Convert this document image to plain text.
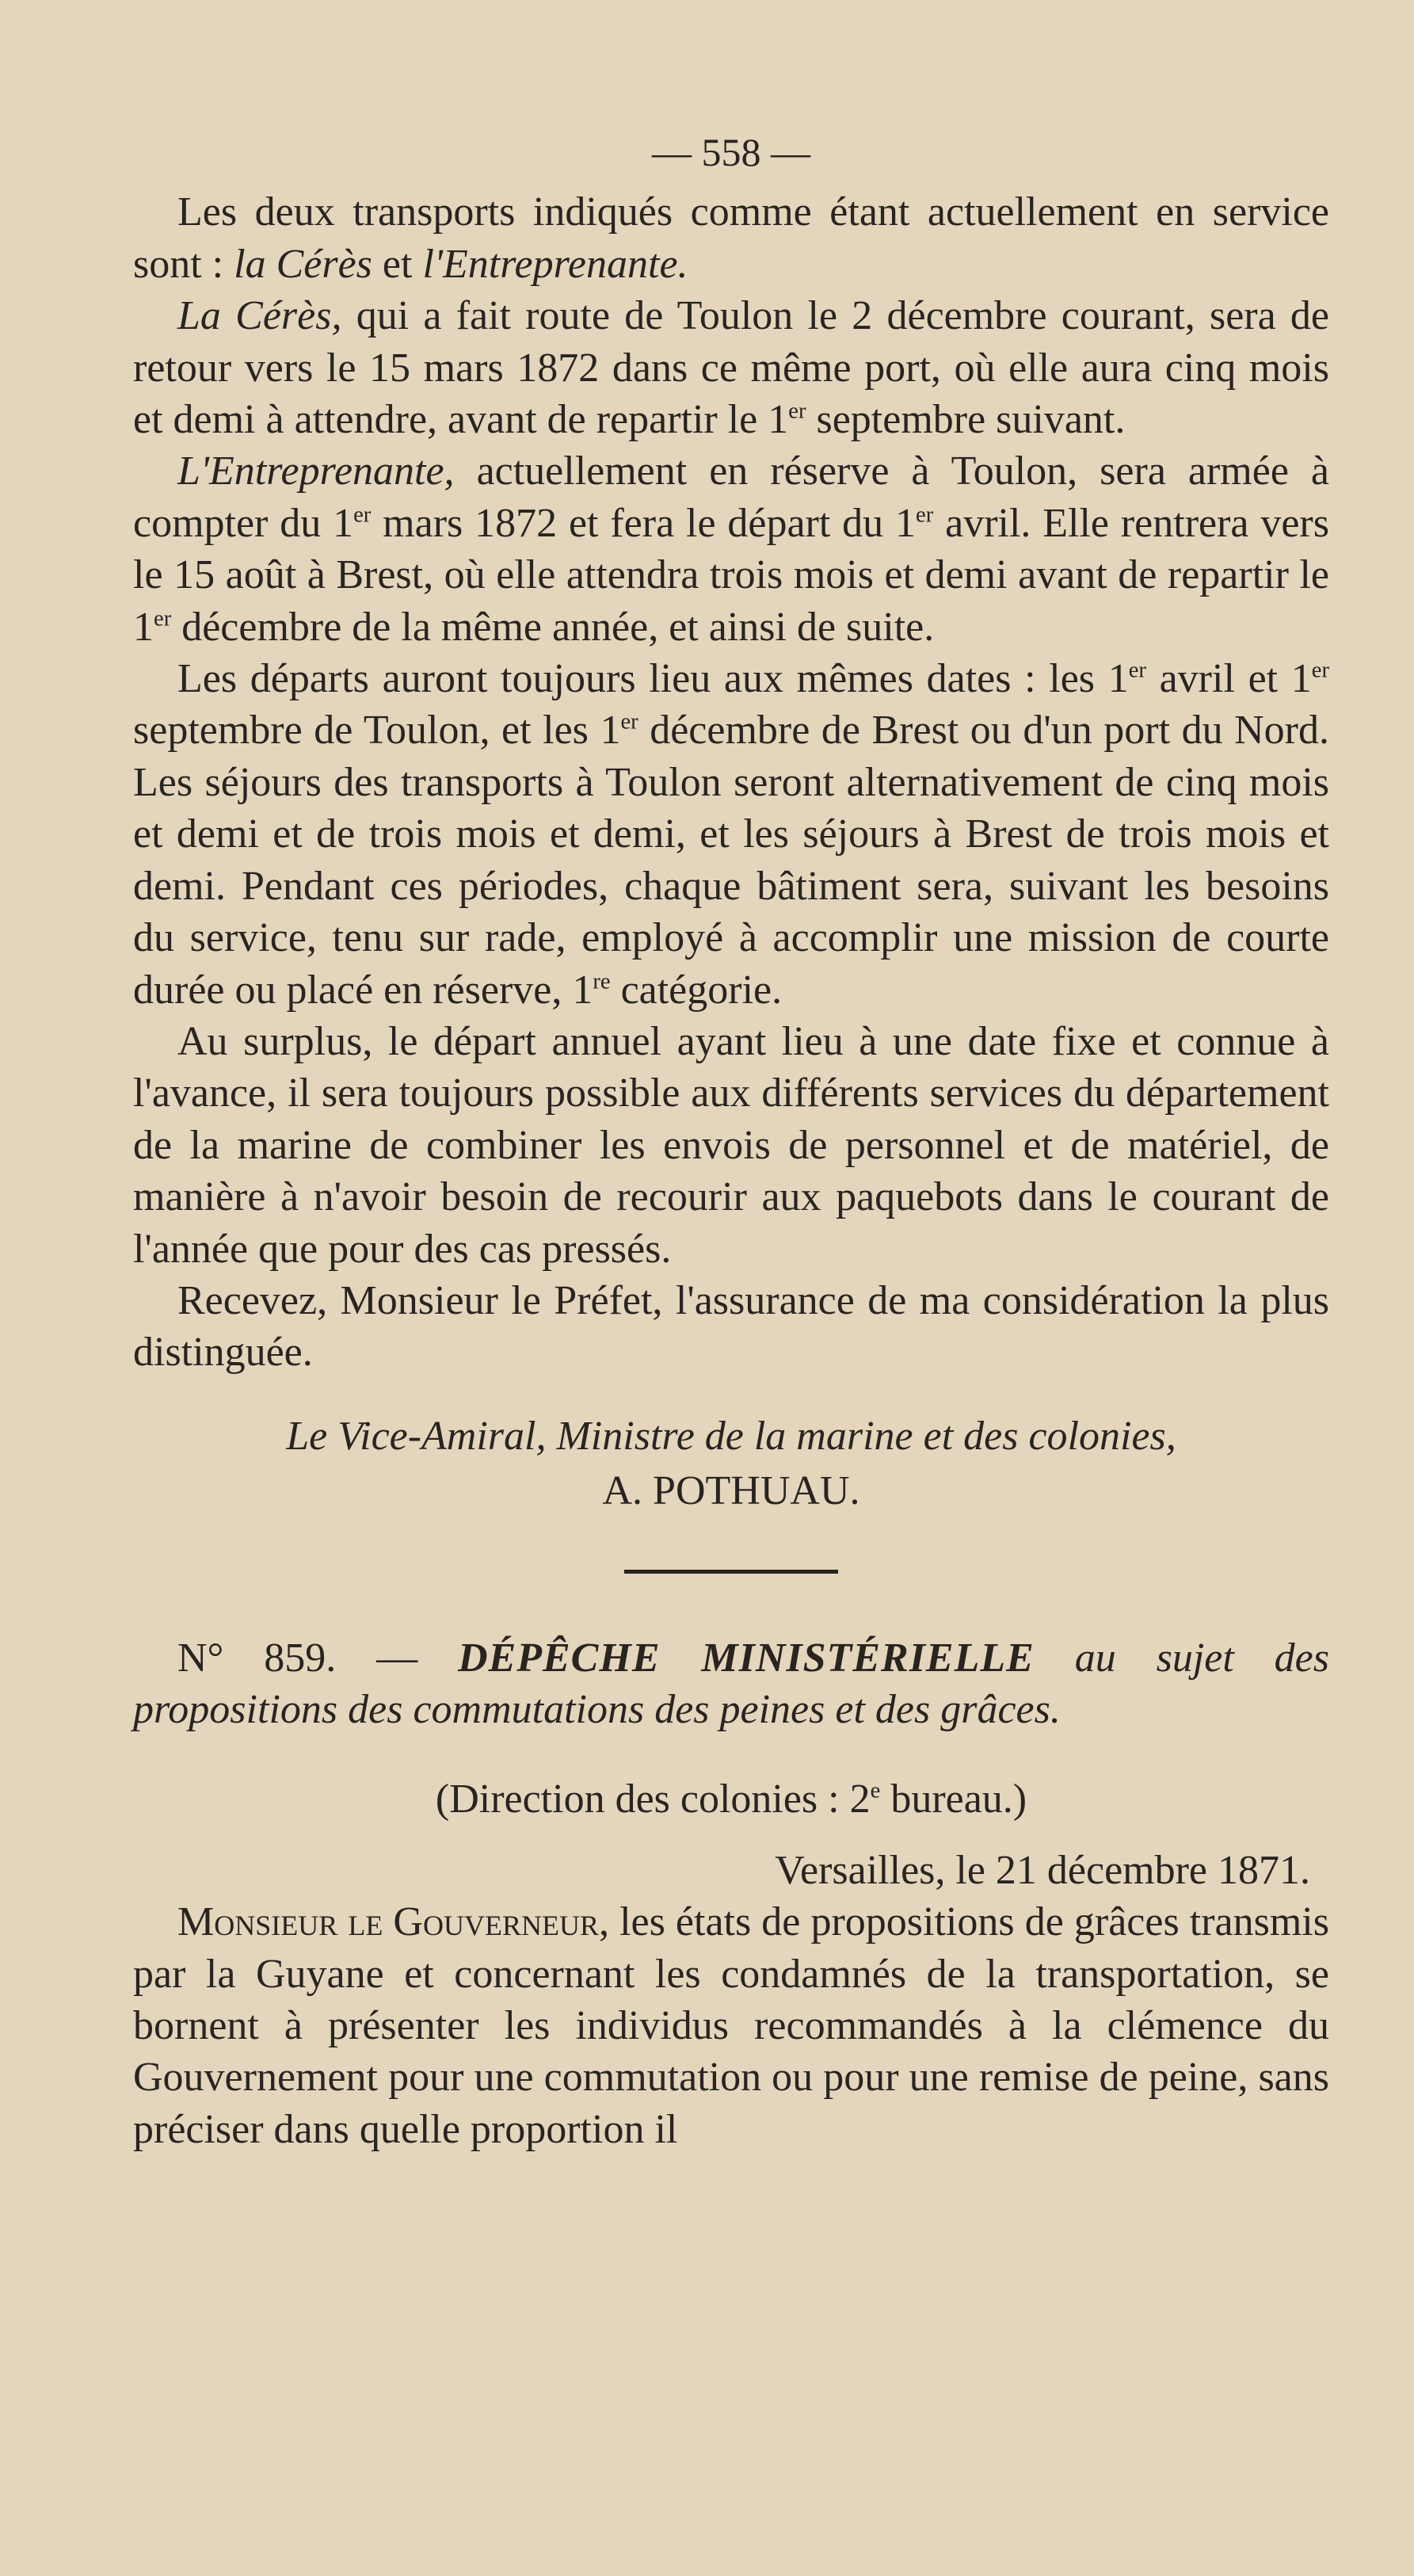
— 558 —

Les deux transports indiqués comme étant actuellement en service sont : la Cérès et l'Entreprenante.

La Cérès, qui a fait route de Toulon le 2 décembre courant, sera de retour vers le 15 mars 1872 dans ce même port, où elle aura cinq mois et demi à attendre, avant de repartir le 1er septembre suivant.

L'Entreprenante, actuellement en réserve à Toulon, sera armée à compter du 1er mars 1872 et fera le départ du 1er avril. Elle rentrera vers le 15 août à Brest, où elle attendra trois mois et demi avant de repartir le 1er décembre de la même année, et ainsi de suite.

Les départs auront toujours lieu aux mêmes dates : les 1er avril et 1er septembre de Toulon, et les 1er décembre de Brest ou d'un port du Nord. Les séjours des transports à Toulon seront alternativement de cinq mois et demi et de trois mois et demi, et les séjours à Brest de trois mois et demi. Pendant ces périodes, chaque bâtiment sera, suivant les besoins du service, tenu sur rade, employé à accomplir une mission de courte durée ou placé en réserve, 1re catégorie.

Au surplus, le départ annuel ayant lieu à une date fixe et connue à l'avance, il sera toujours possible aux différents services du département de la marine de combiner les envois de personnel et de matériel, de manière à n'avoir besoin de recourir aux paquebots dans le courant de l'année que pour des cas pressés.

Recevez, Monsieur le Préfet, l'assurance de ma considération la plus distinguée.

Le Vice-Amiral, Ministre de la marine et des colonies,

A. POTHUAU.

N° 859. — DÉPÊCHE MINISTÉRIELLE au sujet des propositions des commutations des peines et des grâces.

(Direction des colonies : 2e bureau.)

Versailles, le 21 décembre 1871.

Monsieur le Gouverneur, les états de propositions de grâces transmis par la Guyane et concernant les condamnés de la transportation, se bornent à présenter les individus recommandés à la clémence du Gouvernement pour une commutation ou pour une remise de peine, sans préciser dans quelle proportion il
